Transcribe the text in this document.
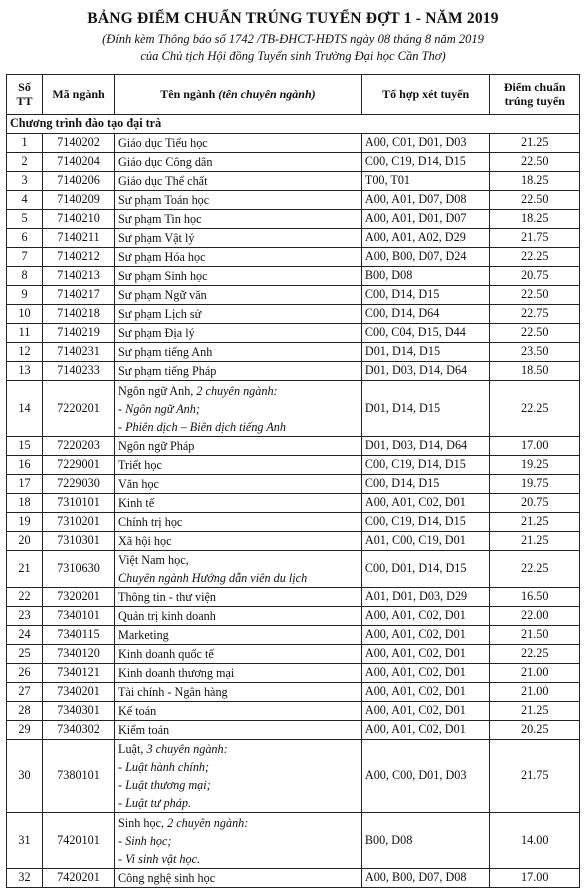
BẢNG ĐIỂM CHUẨN TRÚNG TUYỂN ĐỢT 1 - NĂM 2019
(Đính kèm Thông báo số 1742 /TB-ĐHCT-HĐTS ngày 08 tháng 8 năm 2019
của Chủ tịch Hội đồng Tuyển sinh Trường Đại học Cần Thơ)
Số TT	Mã ngành	Tên ngành (tên chuyên ngành)	Tổ hợp xét tuyển	Điểm chuẩn trúng tuyển
Chương trình đào tạo đại trà				
1	7140202	Giáo dục Tiểu học	A00, C01, D01, D03	21.25
2	7140204	Giáo dục Công dân	C00, C19, D14, D15	22.50
3	7140206	Giáo dục Thể chất	T00, T01	18.25
4	7140209	Sư phạm Toán học	A00, A01, D07, D08	22.50
5	7140210	Sư phạm Tin học	A00, A01, D01, D07	18.25
6	7140211	Sư phạm Vật lý	A00, A01, A02, D29	21.75
7	7140212	Sư phạm Hóa học	A00, B00, D07, D24	22.25
8	7140213	Sư phạm Sinh học	B00, D08	20.75
9	7140217	Sư phạm Ngữ văn	C00, D14, D15	22.50
10	7140218	Sư phạm Lịch sử	C00, D14, D64	22.75
11	7140219	Sư phạm Địa lý	C00, C04, D15, D44	22.50
12	7140231	Sư phạm tiếng Anh	D01, D14, D15	23.50
13	7140233	Sư phạm tiếng Pháp	D01, D03, D14, D64	18.50
14	7220201	Ngôn ngữ Anh, 2 chuyên ngành:
- Ngôn ngữ Anh;
- Phiên dịch – Biên dịch tiếng Anh	D01, D14, D15	22.25
15	7220203	Ngôn ngữ Pháp	D01, D03, D14, D64	17.00
16	7229001	Triết học	C00, C19, D14, D15	19.25
17	7229030	Văn học	C00, D14, D15	19.75
18	7310101	Kinh tế	A00, A01, C02, D01	20.75
19	7310201	Chính trị học	C00, C19, D14, D15	21.25
20	7310301	Xã hội học	A01, C00, C19, D01	21.25
21	7310630	Việt Nam học,
Chuyên ngành Hướng dẫn viên du lịch	C00, D01, D14, D15	22.25
22	7320201	Thông tin - thư viện	A01, D01, D03, D29	16.50
23	7340101	Quản trị kinh doanh	A00, A01, C02, D01	22.00
24	7340115	Marketing	A00, A01, C02, D01	21.50
25	7340120	Kinh doanh quốc tế	A00, A01, C02, D01	22.25
26	7340121	Kinh doanh thương mại	A00, A01, C02, D01	21.00
27	7340201	Tài chính - Ngân hàng	A00, A01, C02, D01	21.00
28	7340301	Kế toán	A00, A01, C02, D01	21.25
29	7340302	Kiểm toán	A00, A01, C02, D01	20.25
30	7380101	Luật, 3 chuyên ngành:
- Luật hành chính;
- Luật thương mại;
- Luật tư pháp.	A00, C00, D01, D03	21.75
31	7420101	Sinh học, 2 chuyên ngành:
- Sinh học;
- Vi sinh vật học.	B00, D08	14.00
32	7420201	Công nghệ sinh học	A00, B00, D07, D08	17.00
